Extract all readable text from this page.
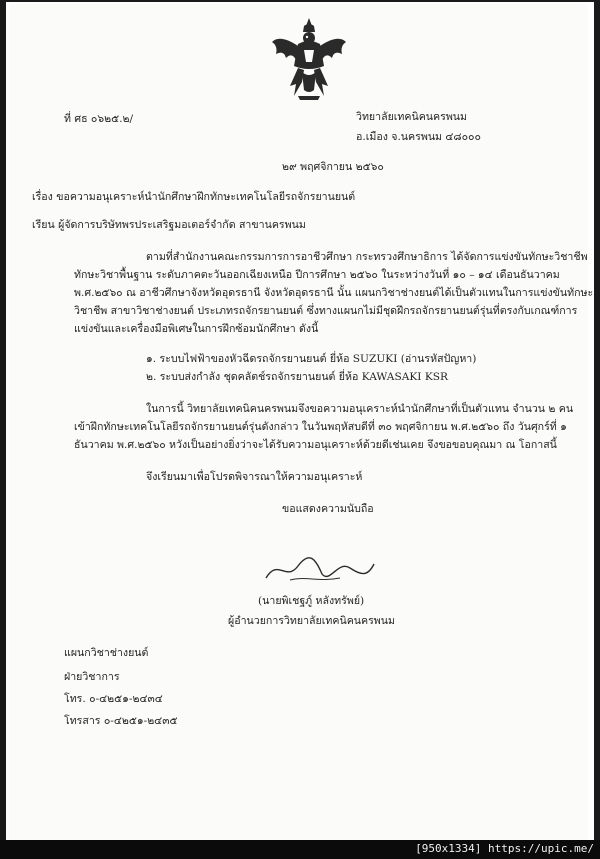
ที่ ศธ ๐๖๒๕.๒/	วิทยาลัยเทคนิคนครพนม

อ.เมือง จ.นครพนม ๔๘๐๐๐

๒๙ พฤศจิกายน ๒๕๖๐

เรื่อง ขอความอนุเคราะห์นำนักศึกษาฝึกทักษะเทคโนโลยีรถจักรยานยนต์

เรียน ผู้จัดการบริษัทพรประเสริฐมอเตอร์จำกัด สาขานครพนม

ตามที่สำนักงานคณะกรรมการการอาชีวศึกษา กระทรวงศึกษาธิการ ได้จัดการแข่งขันทักษะวิชาชีพ

ทักษะวิชาพื้นฐาน ระดับภาคตะวันออกเฉียงเหนือ ปีการศึกษา ๒๕๖๐ ในระหว่างวันที่ ๑๐ – ๑๔ เดือนธันวาคม

พ.ศ.๒๕๖๐ ณ อาชีวศึกษาจังหวัดอุดรธานี จังหวัดอุดรธานี นั้น แผนกวิชาช่างยนต์ได้เป็นตัวแทนในการแข่งขันทักษะ

วิชาชีพ สาขาวิชาช่างยนต์ ประเภทรถจักรยานยนต์ ซึ่งทางแผนกไม่มีชุดฝึกรถจักรยานยนต์รุ่นที่ตรงกับเกณฑ์การ

แข่งขันและเครื่องมือพิเศษในการฝึกซ้อมนักศึกษา ดังนี้

๑. ระบบไฟฟ้าของหัวฉีดรถจักรยานยนต์ ยี่ห้อ SUZUKI (อ่านรหัสปัญหา)

๒. ระบบส่งกำลัง ชุดคลัตช์รถจักรยานยนต์ ยี่ห้อ KAWASAKI KSR

ในการนี้ วิทยาลัยเทคนิคนครพนมจึงขอความอนุเคราะห์นำนักศึกษาที่เป็นตัวแทน จำนวน ๒ คน

เข้าฝึกทักษะเทคโนโลยีรถจักรยานยนต์รุ่นดังกล่าว ในวันพฤหัสบดีที่ ๓๐ พฤศจิกายน พ.ศ.๒๕๖๐ ถึง วันศุกร์ที่ ๑

ธันวาคม พ.ศ.๒๕๖๐ หวังเป็นอย่างยิ่งว่าจะได้รับความอนุเคราะห์ด้วยดีเช่นเคย จึงขอขอบคุณมา ณ โอกาสนี้

จึงเรียนมาเพื่อโปรดพิจารณาให้ความอนุเคราะห์

ขอแสดงความนับถือ

(นายพิเชฐภู์ หลังทรัพย์)

ผู้อำนวยการวิทยาลัยเทคนิคนครพนม

แผนกวิชาช่างยนต์

ฝ่ายวิชาการ

โทร. ๐-๔๒๕๑-๒๔๓๔

โทรสาร ๐-๔๒๕๑-๒๔๓๕

[950x1334] https://upic.me/
